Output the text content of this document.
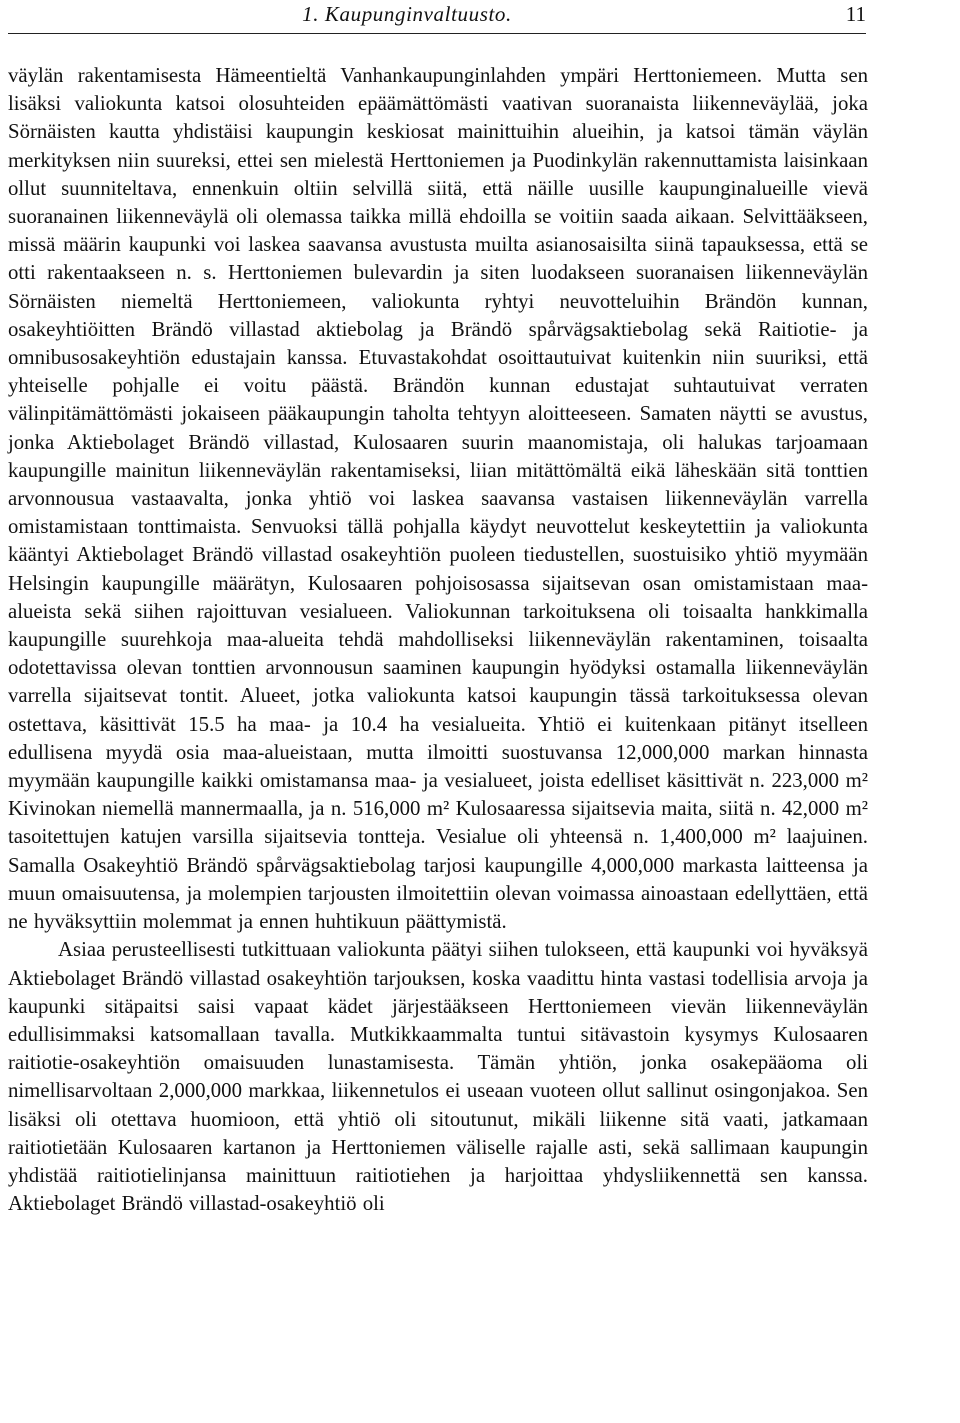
1. Kaupunginvaltuusto.	11

väylän rakentamisesta Hämeentieltä Vanhankaupunginlahden ympäri Herttoniemeen. Mutta sen lisäksi valiokunta katsoi olosuhteiden epäämättömästi vaativan suoranaista liikenneväylää, joka Sörnäisten kautta yhdistäisi kaupungin keskiosat mainittuihin alueihin, ja katsoi tämän väylän merkityksen niin suureksi, ettei sen mielestä Herttoniemen ja Puodinkylän rakennuttamista laisinkaan ollut suunniteltava, ennenkuin oltiin selvillä siitä, että näille uusille kaupunginalueille vievä suoranainen liikenneväylä oli olemassa taikka millä ehdoilla se voitiin saada aikaan. Selvittääkseen, missä määrin kaupunki voi laskea saavansa avustusta muilta asianosaisilta siinä tapauksessa, että se otti rakentaakseen n. s. Herttoniemen bulevardin ja siten luodakseen suoranaisen liikenneväylän Sörnäisten niemeltä Herttoniemeen, valiokunta ryhtyi neuvotteluihin Brändön kunnan, osakeyhtiöitten Brändö villastad aktiebolag ja Brändö spårvägsaktiebolag sekä Raitiotie- ja omnibusosakeyhtiön edustajain kanssa. Etuvastakohdat osoittautuivat kuitenkin niin suuriksi, että yhteiselle pohjalle ei voitu päästä. Brändön kunnan edustajat suhtautuivat verraten välinpitämättömästi jokaiseen pääkaupungin taholta tehtyyn aloitteeseen. Samaten näytti se avustus, jonka Aktiebolaget Brändö villastad, Kulosaaren suurin maanomistaja, oli halukas tarjoamaan kaupungille mainitun liikenneväylän rakentamiseksi, liian mitättömältä eikä läheskään sitä tonttien arvonnousua vastaavalta, jonka yhtiö voi laskea saavansa vastaisen liikenneväylän varrella omistamistaan tonttimaista. Senvuoksi tällä pohjalla käydyt neuvottelut keskeytettiin ja valiokunta kääntyi Aktiebolaget Brändö villastad osakeyhtiön puoleen tiedustellen, suostuisiko yhtiö myymään Helsingin kaupungille määrätyn, Kulosaaren pohjoisosassa sijaitsevan osan omistamistaan maa-alueista sekä siihen rajoittuvan vesialueen. Valiokunnan tarkoituksena oli toisaalta hankkimalla kaupungille suurehkoja maa-alueita tehdä mahdolliseksi liikenneväylän rakentaminen, toisaalta odotettavissa olevan tonttien arvonnousun saaminen kaupungin hyödyksi ostamalla liikenneväylän varrella sijaitsevat tontit. Alueet, jotka valiokunta katsoi kaupungin tässä tarkoituksessa olevan ostettava, käsittivät 15.5 ha maa- ja 10.4 ha vesialueita. Yhtiö ei kuitenkaan pitänyt itselleen edullisena myydä osia maa-alueistaan, mutta ilmoitti suostuvansa 12,000,000 markan hinnasta myymään kaupungille kaikki omistamansa maa- ja vesialueet, joista edelliset käsittivät n. 223,000 m² Kivinokan niemellä mannermaalla, ja n. 516,000 m² Kulosaaressa sijaitsevia maita, siitä n. 42,000 m² tasoitettujen katujen varsilla sijaitsevia tontteja. Vesialue oli yhteensä n. 1,400,000 m² laajuinen. Samalla Osakeyhtiö Brändö spårvägsaktiebolag tarjosi kaupungille 4,000,000 markasta laitteensa ja muun omaisuutensa, ja molempien tarjousten ilmoitettiin olevan voimassa ainoastaan edellyttäen, että ne hyväksyttiin molemmat ja ennen huhtikuun päättymistä.

Asiaa perusteellisesti tutkittuaan valiokunta päätyi siihen tulokseen, että kaupunki voi hyväksyä Aktiebolaget Brändö villastad osakeyhtiön tarjouksen, koska vaadittu hinta vastasi todellisia arvoja ja kaupunki sitäpaitsi saisi vapaat kädet järjestääkseen Herttoniemeen vievän liikenneväylän edullisimmaksi katsomallaan tavalla. Mutkikkaammalta tuntui sitävastoin kysymys Kulosaaren raitiotie-osakeyhtiön omaisuuden lunastamisesta. Tämän yhtiön, jonka osakepääoma oli nimellisarvoltaan 2,000,000 markkaa, liikennetulos ei useaan vuoteen ollut sallinut osingonjakoa. Sen lisäksi oli otettava huomioon, että yhtiö oli sitoutunut, mikäli liikenne sitä vaati, jatkamaan raitiotietään Kulosaaren kartanon ja Herttoniemen väliselle rajalle asti, sekä sallimaan kaupungin yhdistää raitiotielinjansa mainittuun raitiotiehen ja harjoittaa yhdysliikennettä sen kanssa. Aktiebolaget Brändö villastad-osakeyhtiö oli
